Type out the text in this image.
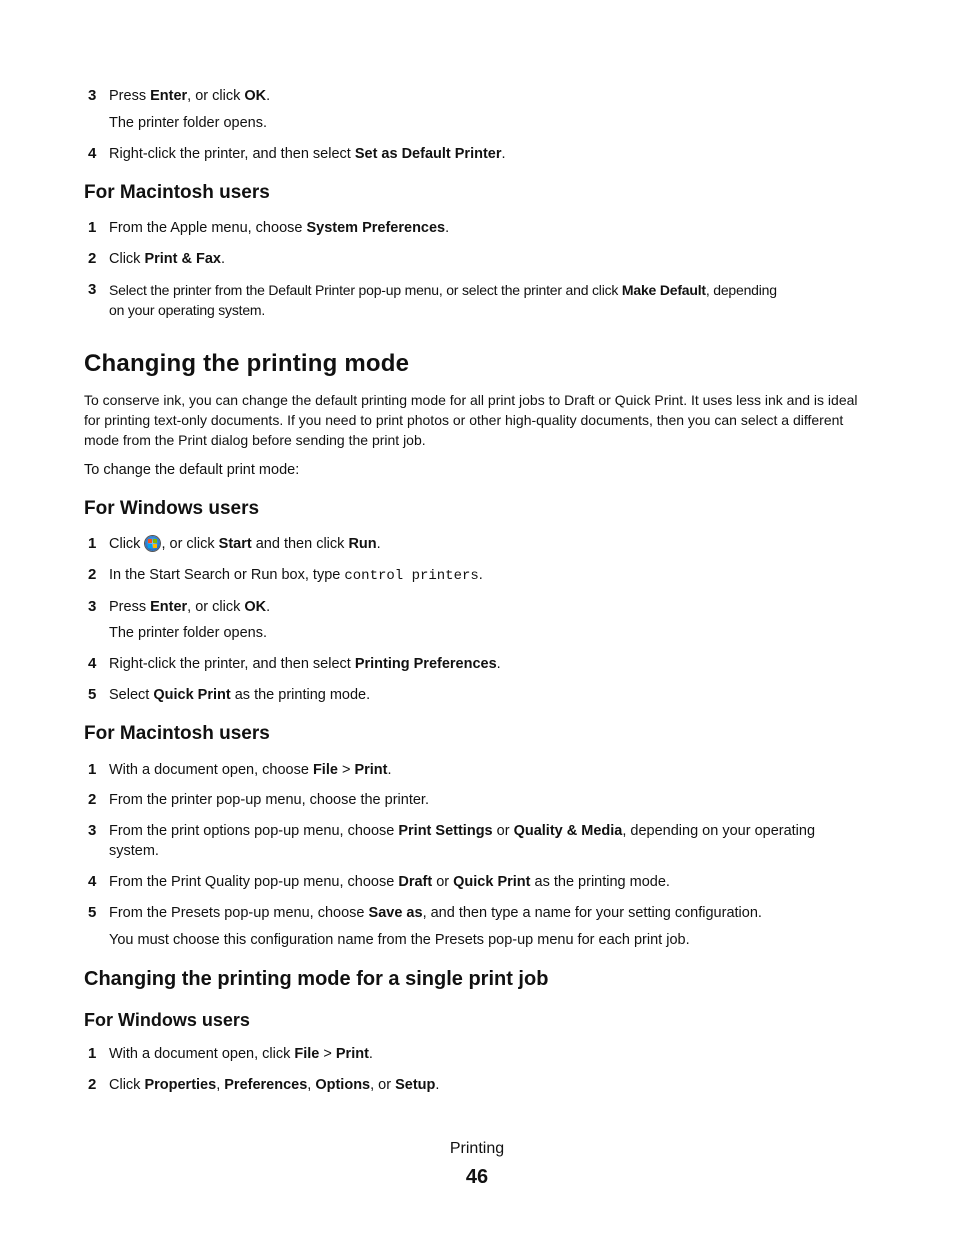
3 Press Enter, or click OK.
The printer folder opens.
4 Right-click the printer, and then select Set as Default Printer.
For Macintosh users
1 From the Apple menu, choose System Preferences.
2 Click Print & Fax.
3 Select the printer from the Default Printer pop-up menu, or select the printer and click Make Default, depending
on your operating system.
Changing the printing mode
To conserve ink, you can change the default printing mode for all print jobs to Draft or Quick Print. It uses less ink and is ideal for printing text-only documents. If you need to print photos or other high-quality documents, then you can select a different mode from the Print dialog before sending the print job.
To change the default print mode:
For Windows users
1 Click
, or click Start and then click Run.
2 In the Start Search or Run box, type control printers.
3 Press Enter, or click OK.
The printer folder opens.
4 Right-click the printer, and then select Printing Preferences.
5 Select Quick Print as the printing mode.
For Macintosh users
1 With a document open, choose File > Print.
2 From the printer pop-up menu, choose the printer.
3 From the print options pop-up menu, choose Print Settings or Quality & Media, depending on your operating
system.
4 From the Print Quality pop-up menu, choose Draft or Quick Print as the printing mode.
5 From the Presets pop-up menu, choose Save as, and then type a name for your setting configuration.
You must choose this configuration name from the Presets pop-up menu for each print job.
Changing the printing mode for a single print job
For Windows users
1 With a document open, click File > Print.
2 Click Properties, Preferences, Options, or Setup.
Printing
46
